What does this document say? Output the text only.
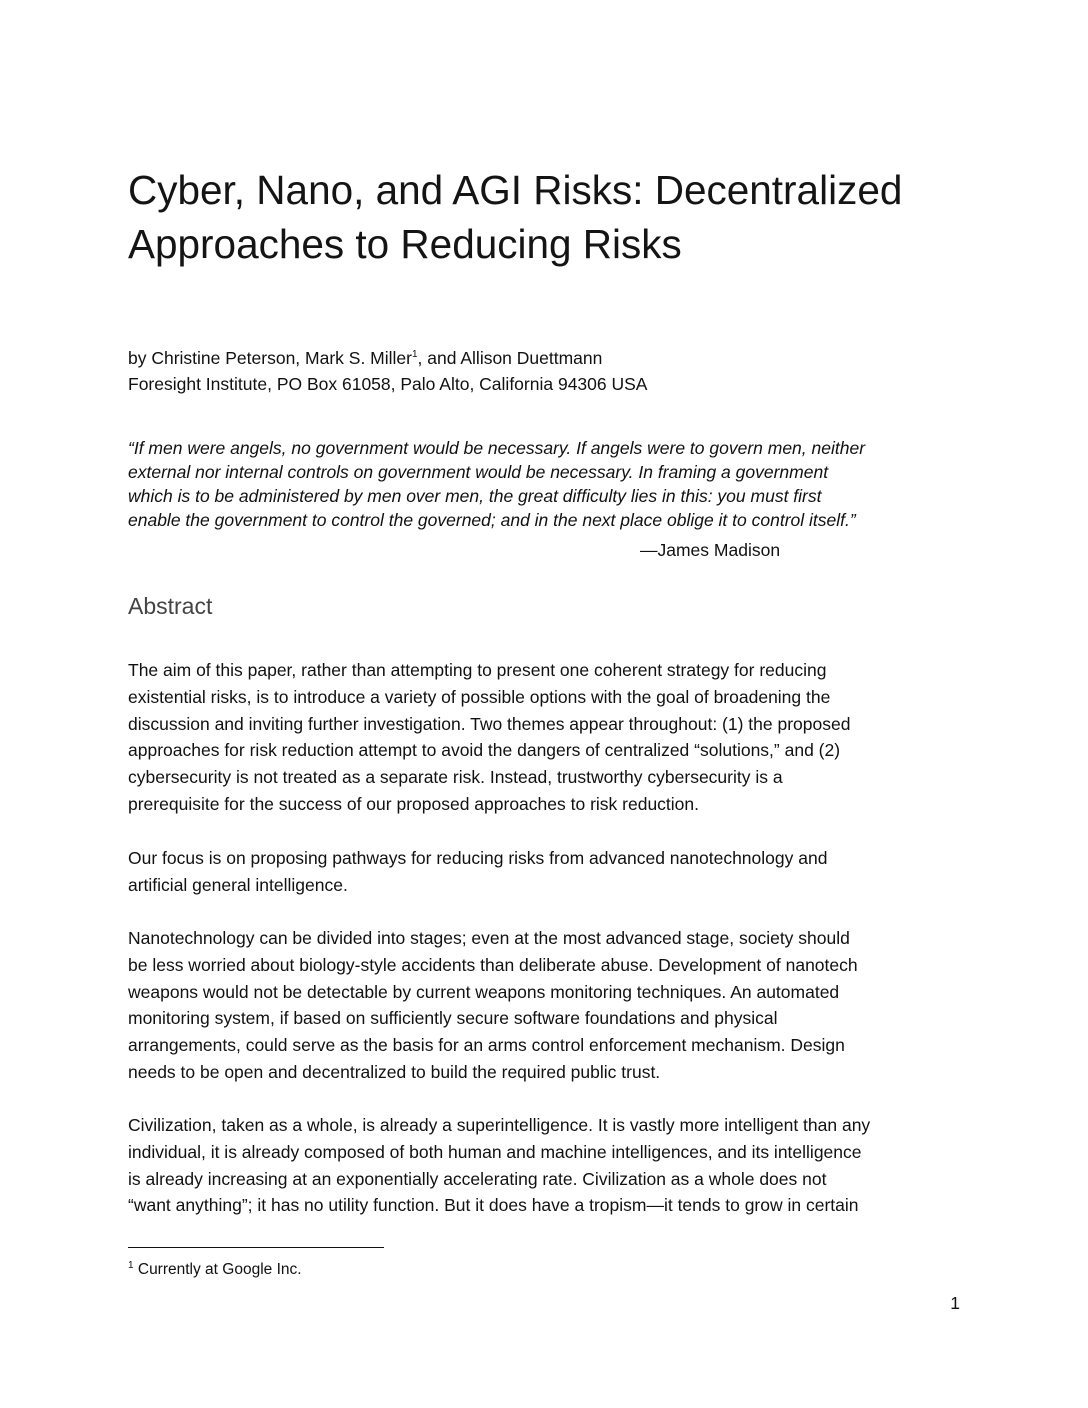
Cyber, Nano, and AGI Risks: Decentralized
Approaches to Reducing Risks

by Christine Peterson, Mark S. Miller$^1$, and Allison Duettmann

Foresight Institute, PO Box 61058, Palo Alto, California 94306 USA

“If men were angels, no government would be necessary. If angels were to govern men, neither
external nor internal controls on government would be necessary. In framing a government
which is to be administered by men over men, the great difficulty lies in this: you must first
enable the government to control the governed; and in the next place oblige it to control itself.”

—James Madison

Abstract

The aim of this paper, rather than attempting to present one coherent strategy for reducing
existential risks, is to introduce a variety of possible options with the goal of broadening the
discussion and inviting further investigation. Two themes appear throughout: (1) the proposed
approaches for risk reduction attempt to avoid the dangers of centralized “solutions,” and (2)
cybersecurity is not treated as a separate risk. Instead, trustworthy cybersecurity is a
prerequisite for the success of our proposed approaches to risk reduction.

Our focus is on proposing pathways for reducing risks from advanced nanotechnology and
artificial general intelligence.

Nanotechnology can be divided into stages; even at the most advanced stage, society should
be less worried about biology-style accidents than deliberate abuse. Development of nanotech
weapons would not be detectable by current weapons monitoring techniques. An automated
monitoring system, if based on sufficiently secure software foundations and physical
arrangements, could serve as the basis for an arms control enforcement mechanism. Design
needs to be open and decentralized to build the required public trust.

Civilization, taken as a whole, is already a superintelligence. It is vastly more intelligent than any
individual, it is already composed of both human and machine intelligences, and its intelligence
is already increasing at an exponentially accelerating rate. Civilization as a whole does not
“want anything”; it has no utility function. But it does have a tropism—it tends to grow in certain

$^1$ Currently at Google Inc.

1
